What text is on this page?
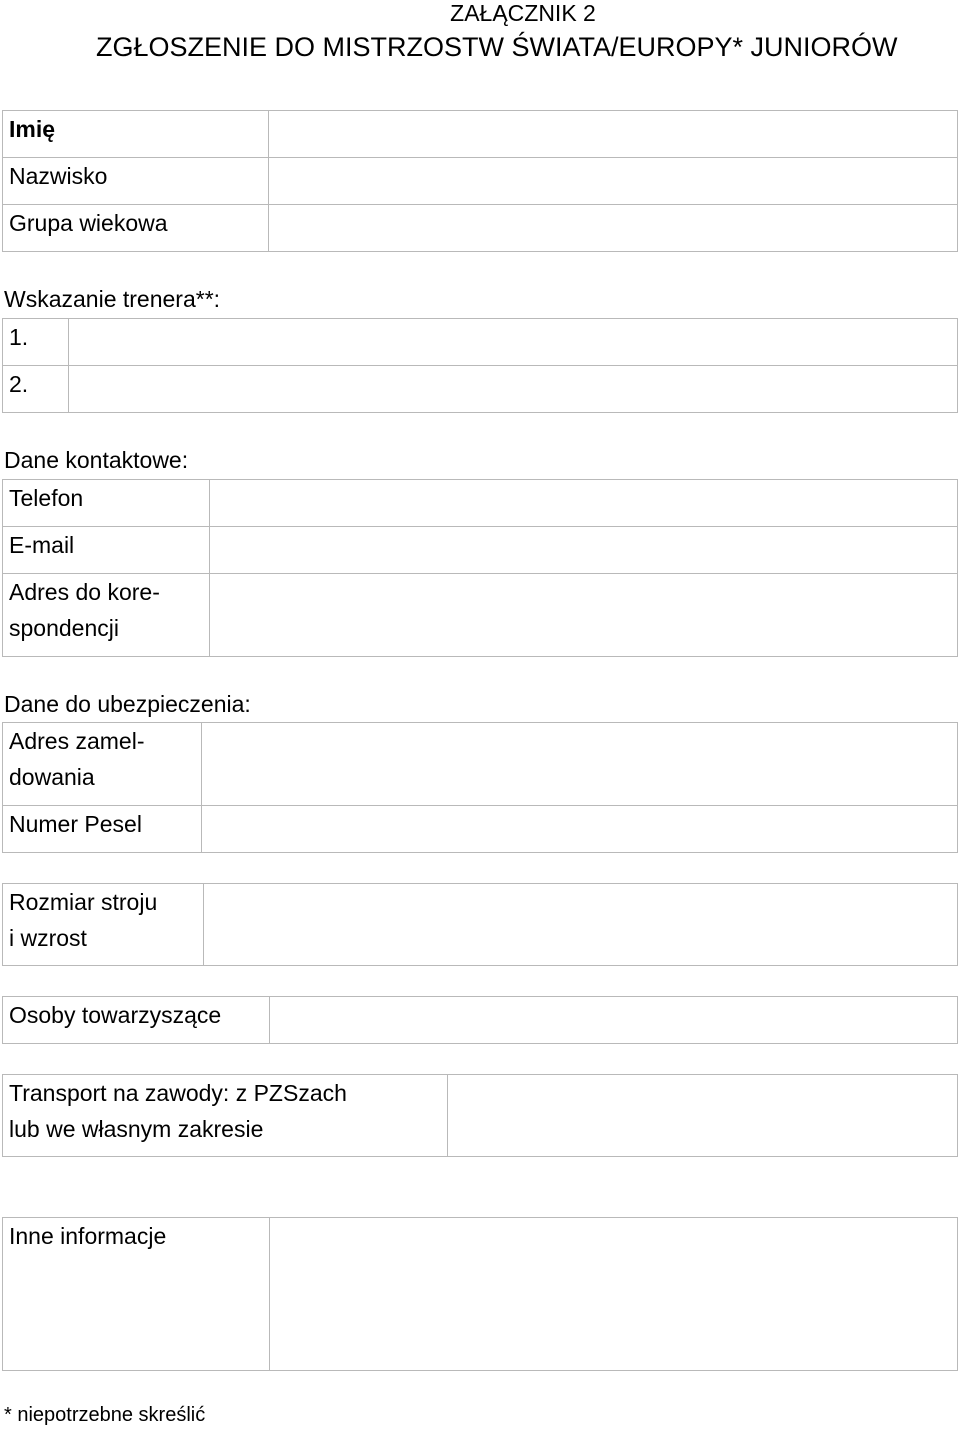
ZAŁĄCZNIK 2
ZGŁOSZENIE DO MISTRZOSTW ŚWIATA/EUROPY* JUNIORÓW
Imię	
Nazwisko	
Grupa wiekowa	
Wskazanie trenera**:
1.	
2.	
Dane kontaktowe:
Telefon	
E-mail	

Adres do kore-
spondencji	

Dane do ubezpieczenia:
Adres zamel-
dowania	

Numer Pesel	
Rozmiar stroju
i wzrost

Osoby towarzyszące	
Transport na zawody: z PZSzach
lub we własnym zakresie

Inne informacje	
* niepotrzebne skreślić
